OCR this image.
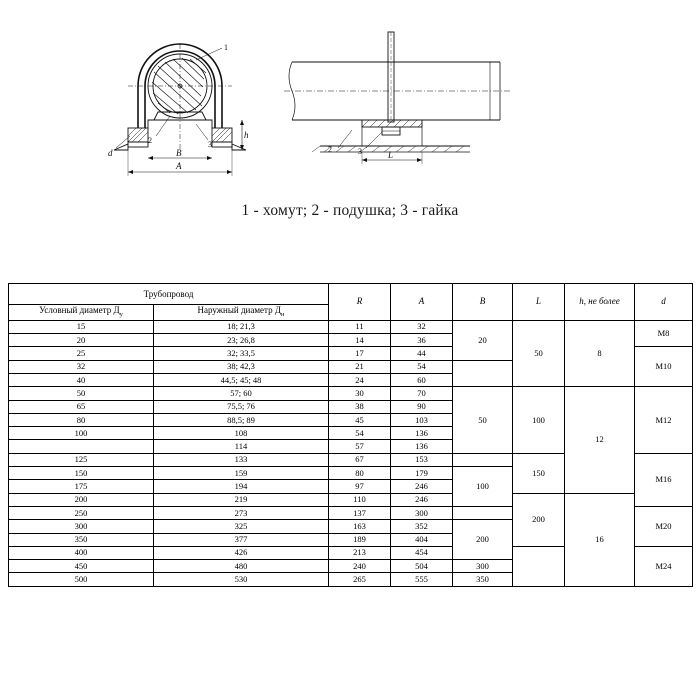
A
B
h
d
1
2	3
L
2	3
1 - хомут; 2 - подушка; 3 - гайка
Трубопровод		R	A	B	L	h, не более	d
Условный диаметр $Д_у$	Наружный диаметр $Д_н$
15	18; 21,3	11	32	20	50	8	M8
20	23; 26,8	14	36				
25	32; 33,5	17	44				M10
32	38; 42,3	21	54				
40	44,5; 45; 48	24	60				
50	57; 60	30	70	50	100	12	M12
65	75,5; 76	38	90				
80	88,5; 89	45	103				
100	108	54	136				
	114	57	136				
125	133	67	153		150		M16
150	159	80	179	100			
175	194	97	246				
200	219	110	246		200	16	
250	273	137	300				M20
300	325	163	352	200			
350	377	189	404				
400	426	213	454				M24
450	480	240	504	300			
500	530	265	555	350			
